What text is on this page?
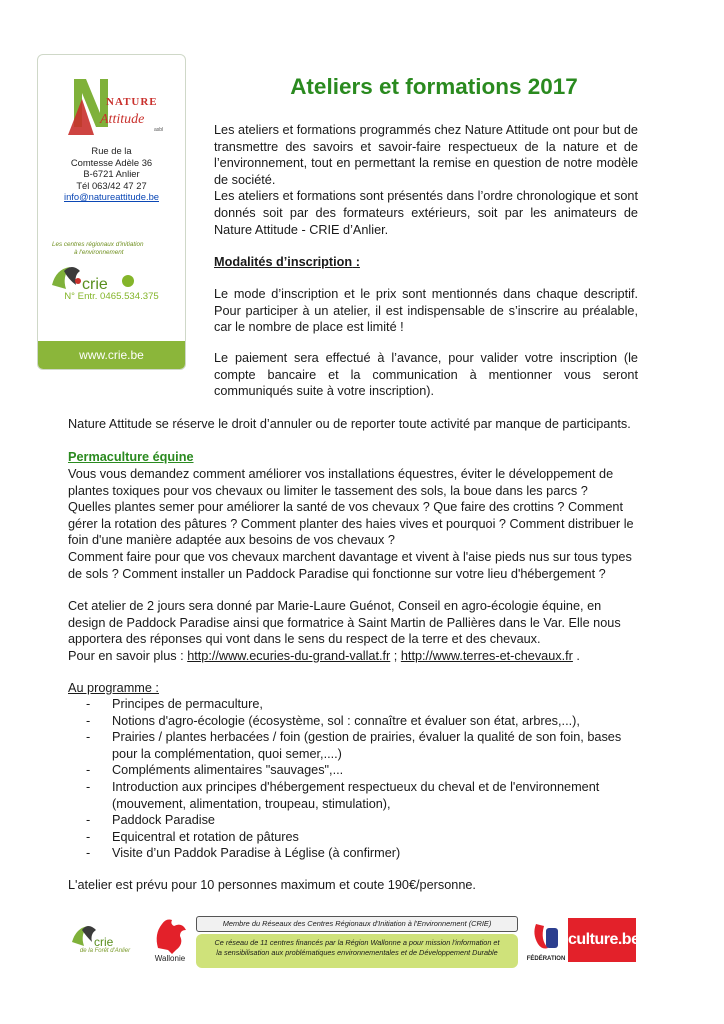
NATURE
Attitude
asbl
Rue de la
Comtesse Adèle 36
B-6721 Anlier
Tél 063/42 47 27
info@natureattitude.be
Les centres régionaux d'initiation
à l'environnement
crie
N° Entr. 0465.534.375
www.crie.be
Ateliers et formations 2017

Les ateliers et formations programmés chez Nature Attitude ont pour but de transmettre des savoirs et savoir-faire respectueux de la nature et de l’environnement, tout en permettant la remise en question de notre modèle de société.

Les ateliers et formations sont présentés dans l’ordre chronologique et sont donnés soit par des formateurs extérieurs, soit par les animateurs de Nature Attitude - CRIE d’Anlier.

Modalités d’inscription :
Le mode d’inscription et le prix sont mentionnés dans chaque descriptif. Pour participer à un atelier, il est indispensable de s’inscrire au préalable, car le nombre de place est limité !
Le paiement sera effectué à l’avance, pour valider votre inscription (le compte bancaire et la communication à mentionner vous seront communiqués suite à votre inscription).
Nature Attitude se réserve le droit d’annuler ou de reporter toute activité par manque de participants.
Permaculture équine

Vous vous demandez comment améliorer vos installations équestres, éviter le développement de plantes toxiques pour vos chevaux ou limiter le tassement des sols, la boue dans les parcs ?

Quelles plantes semer pour améliorer la santé de vos chevaux ? Que faire des crottins ? Comment gérer la rotation des pâtures ? Comment planter des haies vives et pourquoi ? Comment distribuer le foin d'une manière adaptée aux besoins de vos chevaux ?

Comment faire pour que vos chevaux marchent davantage et vivent à l'aise pieds nus sur tous types de sols ? Comment installer un Paddock Paradise qui fonctionne sur votre lieu d'hébergement ?

Cet atelier de 2 jours sera donné par Marie-Laure Guénot, Conseil en agro-écologie équine, en design de Paddock Paradise ainsi que formatrice à Saint Martin de Pallières dans le Var. Elle nous apportera des réponses qui vont dans le sens du respect de la terre et des chevaux.

Pour en savoir plus : http://www.ecuries-du-grand-vallat.fr ; http://www.terres-et-chevaux.fr .

Au programme :
- Principes de permaculture,
- Notions d'agro-écologie (écosystème, sol : connaître et évaluer son état, arbres,...),
- Prairies / plantes herbacées / foin (gestion de prairies, évaluer la qualité de son foin, bases pour la complémentation, quoi semer,....)
- Compléments alimentaires "sauvages",...
- Introduction aux principes d'hébergement respectueux du cheval et de l'environnement (mouvement, alimentation, troupeau, stimulation),
- Paddock Paradise
- Equicentral et rotation de pâtures
- Visite d’un Paddok Paradise à Léglise (à confirmer)
L'atelier est prévu pour 10 personnes maximum et coute 190€/personne.
crie
de la Forêt d'Anlier
Wallonie
Membre du Réseaux des Centres Régionaux d'Initiation à l'Environnement (CRIE)
Ce réseau de 11 centres financés par la Région Wallonne a pour mission l'information et
la sensibilisation aux problématiques environnementales et de Développement Durable
FÉDÉRATION
culture.be
